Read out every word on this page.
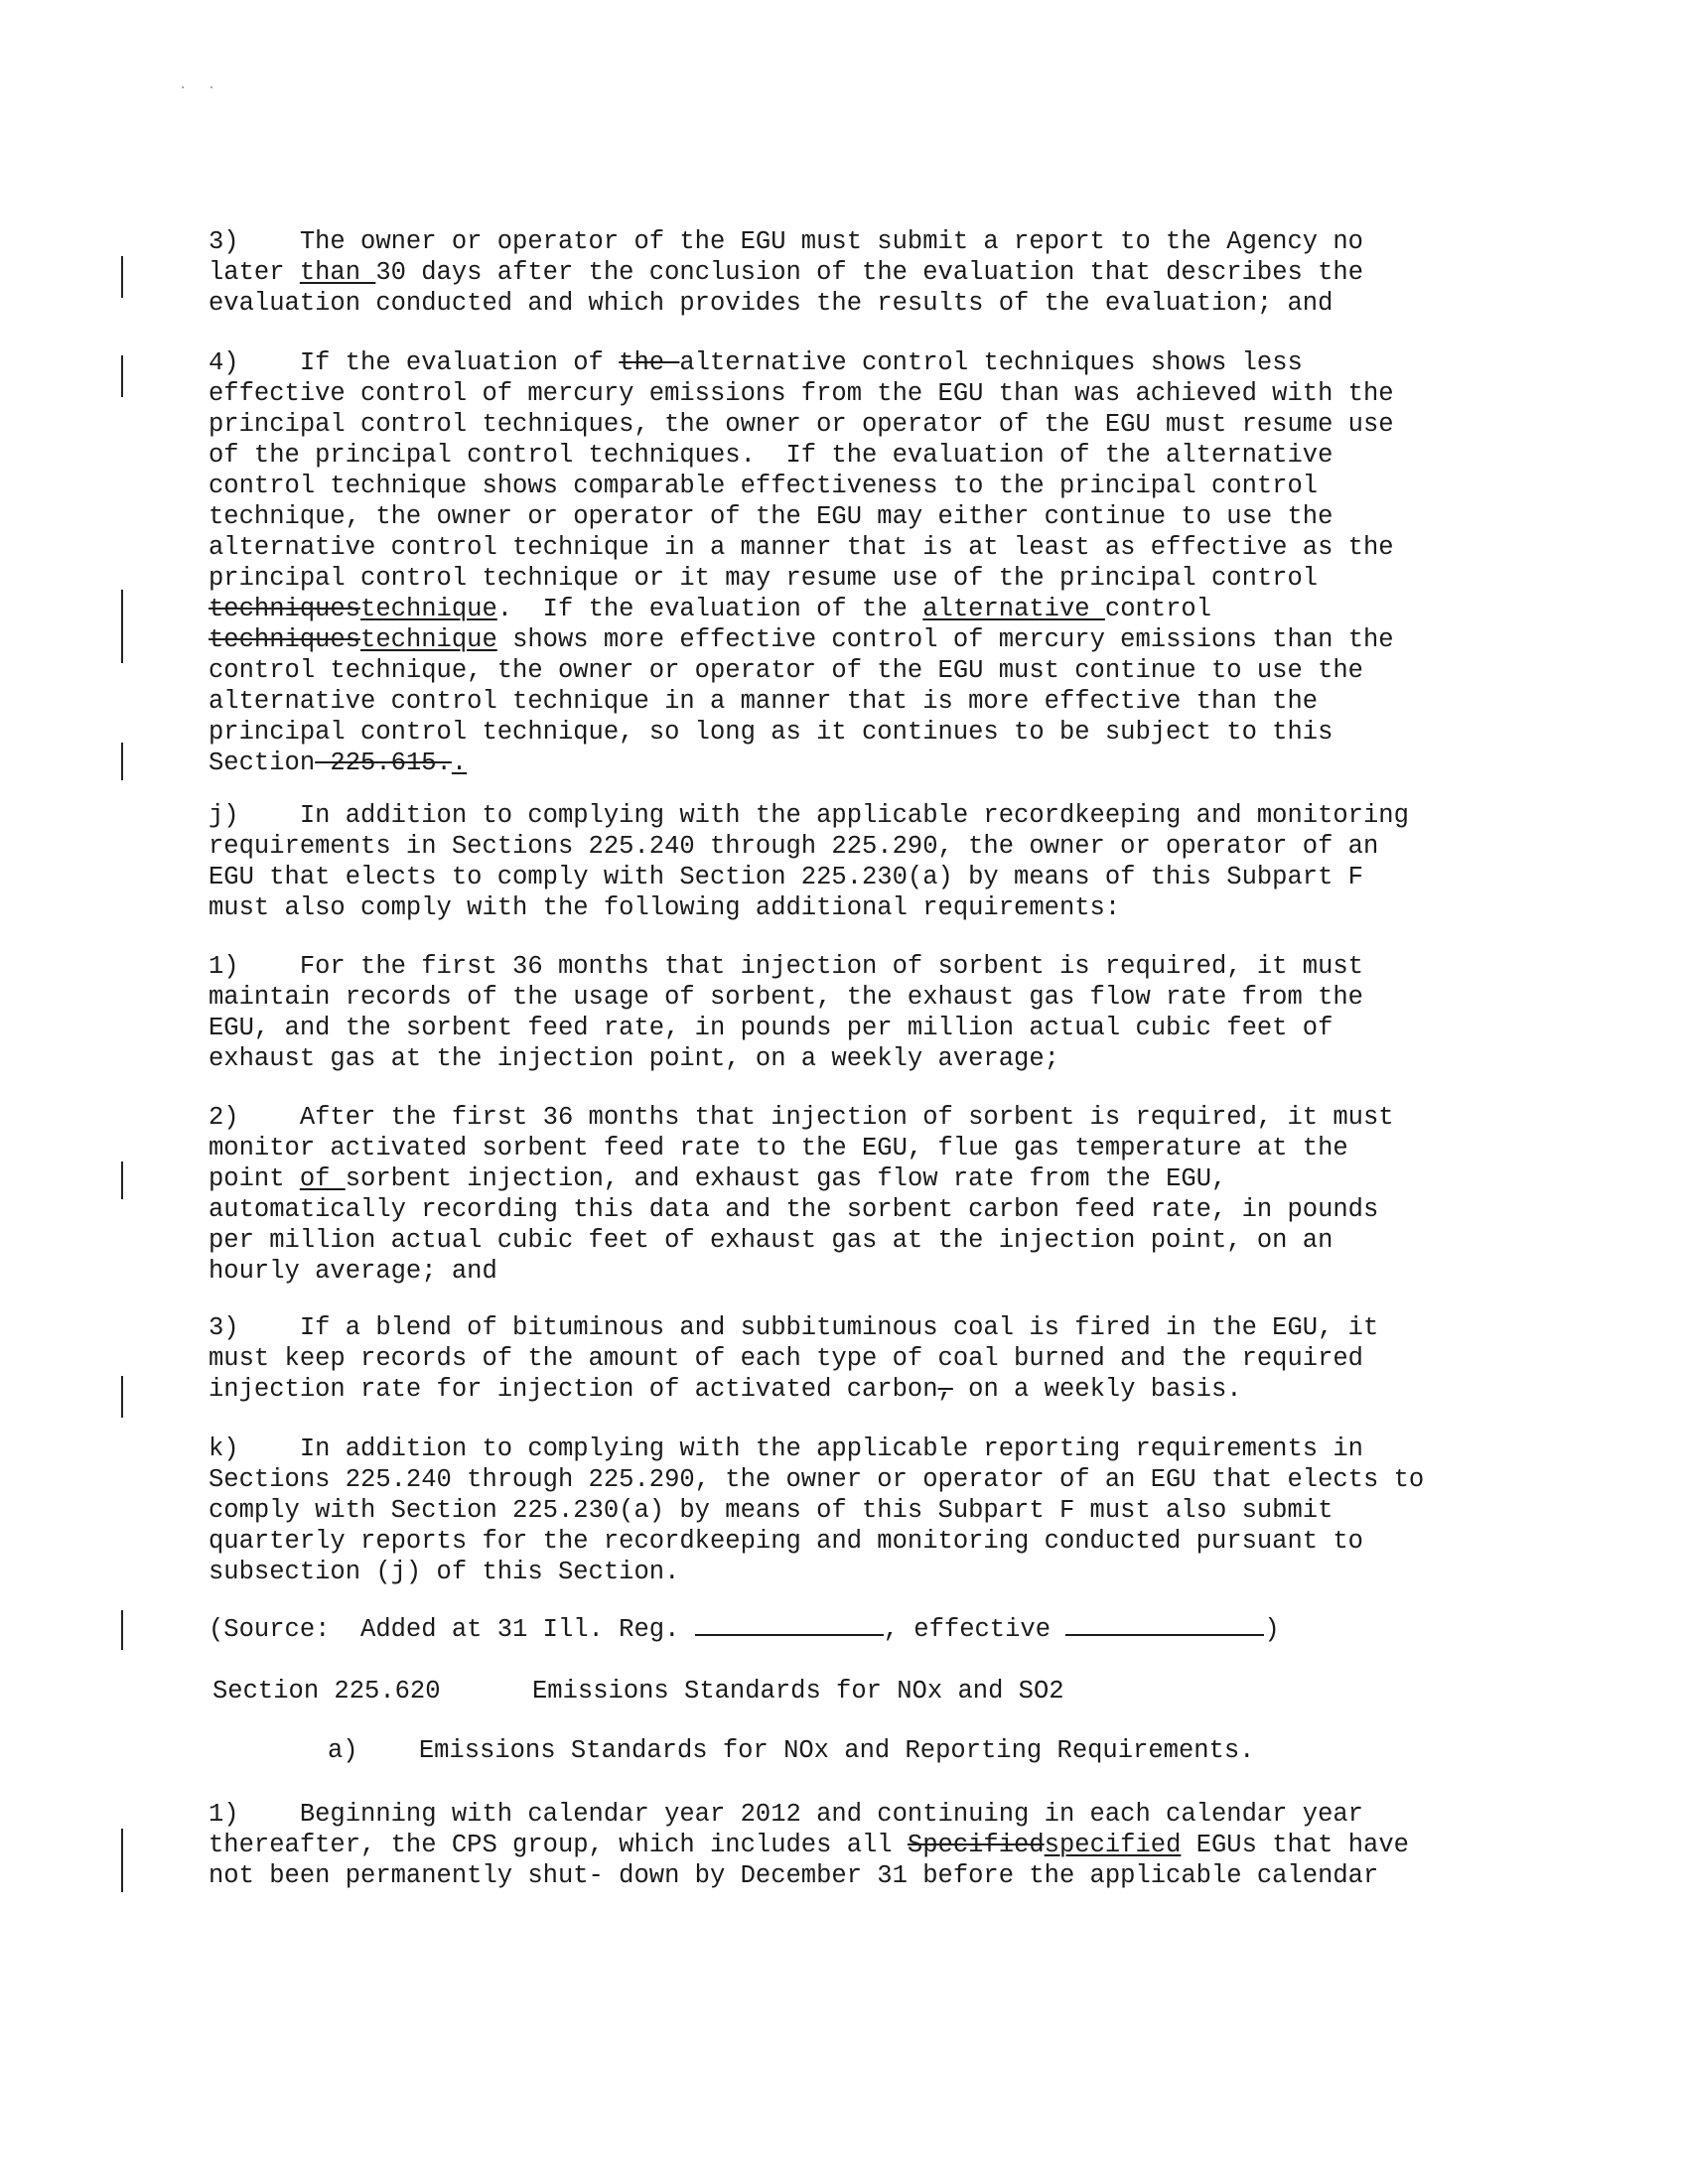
. .

3)    The owner or operator of the EGU must submit a report to the Agency no
later than 30 days after the conclusion of the evaluation that describes the
evaluation conducted and which provides the results of the evaluation; and

4)    If the evaluation of the alternative control techniques shows less
effective control of mercury emissions from the EGU than was achieved with the
principal control techniques, the owner or operator of the EGU must resume use
of the principal control techniques.  If the evaluation of the alternative
control technique shows comparable effectiveness to the principal control
technique, the owner or operator of the EGU may either continue to use the
alternative control technique in a manner that is at least as effective as the
principal control technique or it may resume use of the principal control
techniquestechnique.  If the evaluation of the alternative control
techniquestechnique shows more effective control of mercury emissions than the
control technique, the owner or operator of the EGU must continue to use the
alternative control technique in a manner that is more effective than the
principal control technique, so long as it continues to be subject to this
Section 225.615..

j)    In addition to complying with the applicable recordkeeping and monitoring
requirements in Sections 225.240 through 225.290, the owner or operator of an
EGU that elects to comply with Section 225.230(a) by means of this Subpart F
must also comply with the following additional requirements:

1)    For the first 36 months that injection of sorbent is required, it must
maintain records of the usage of sorbent, the exhaust gas flow rate from the
EGU, and the sorbent feed rate, in pounds per million actual cubic feet of
exhaust gas at the injection point, on a weekly average;

2)    After the first 36 months that injection of sorbent is required, it must
monitor activated sorbent feed rate to the EGU, flue gas temperature at the
point of sorbent injection, and exhaust gas flow rate from the EGU,
automatically recording this data and the sorbent carbon feed rate, in pounds
per million actual cubic feet of exhaust gas at the injection point, on an
hourly average; and

3)    If a blend of bituminous and subbituminous coal is fired in the EGU, it
must keep records of the amount of each type of coal burned and the required
injection rate for injection of activated carbon, on a weekly basis.

k)    In addition to complying with the applicable reporting requirements in
Sections 225.240 through 225.290, the owner or operator of an EGU that elects to
comply with Section 225.230(a) by means of this Subpart F must also submit
quarterly reports for the recordkeeping and monitoring conducted pursuant to
subsection (j) of this Section.

(Source:  Added at 31 Ill. Reg.	, effective	)

Section 225.620	Emissions Standards for NOx and SO2

a)    Emissions Standards for NOx and Reporting Requirements.

1)    Beginning with calendar year 2012 and continuing in each calendar year
thereafter, the CPS group, which includes all Specifiedspecified EGUs that have
not been permanently shut- down by December 31 before the applicable calendar
